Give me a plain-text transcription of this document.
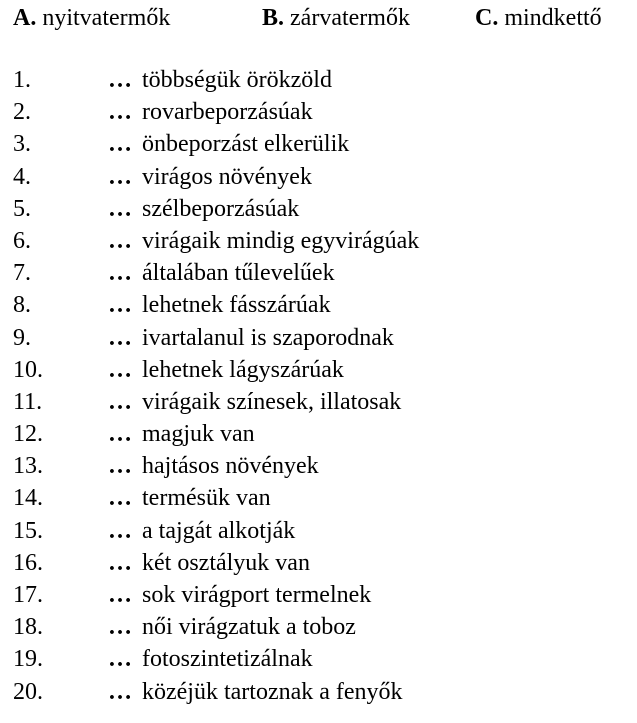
A. nyitvatermők	B. zárvatermők	C. mindkettő
1.	… többségük örökzöld
2.	… rovarbeporzásúak
3.	… önbeporzást elkerülik
4.	… virágos növények
5.	… szélbeporzásúak
6.	… virágaik mindig egyvirágúak
7.	… általában tűlevelűek
8.	… lehetnek fásszárúak
9.	… ivartalanul is szaporodnak
10.	… lehetnek lágyszárúak
11.	… virágaik színesek, illatosak
12.	… magjuk van
13.	… hajtásos növények
14.	… termésük van
15.	… a tajgát alkotják
16.	… két osztályuk van
17.	… sok virágport termelnek
18.	… női virágzatuk a toboz
19.	… fotoszintetizálnak
20.	… közéjük tartoznak a fenyők
